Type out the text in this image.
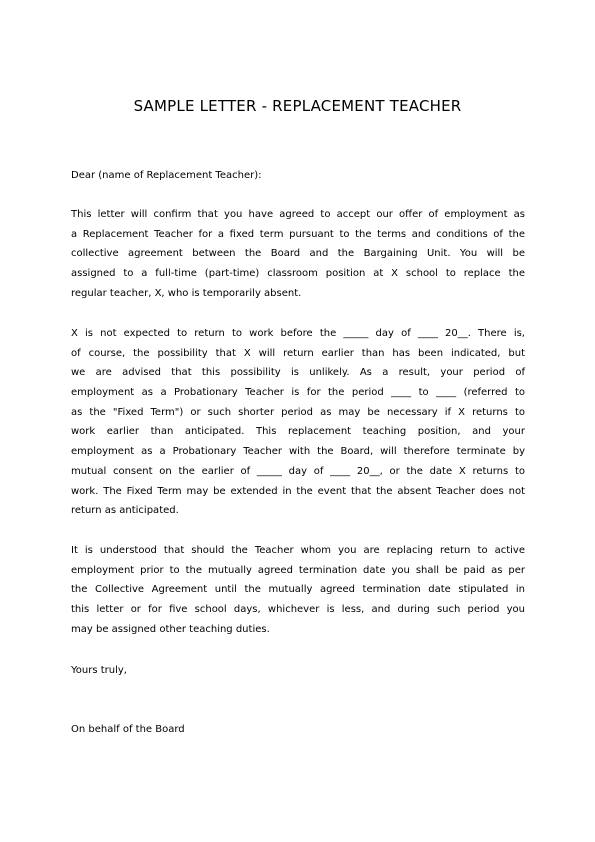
SAMPLE LETTER - REPLACEMENT TEACHER
Dear (name of Replacement Teacher):
This letter will confirm that you have agreed to accept our offer of employment as
a Replacement Teacher for a fixed term pursuant to the terms and conditions of the
collective agreement between the Board and the Bargaining Unit. You will be
assigned to a full-time (part-time) classroom position at X school to replace the
regular teacher, X, who is temporarily absent.
X is not expected to return to work before the _____ day of ____ 20__. There is,
of course, the possibility that X will return earlier than has been indicated, but
we are advised that this possibility is unlikely. As a result, your period of
employment as a Probationary Teacher is for the period ____ to ____ (referred to
as the "Fixed Term") or such shorter period as may be necessary if X returns to
work earlier than anticipated. This replacement teaching position, and your
employment as a Probationary Teacher with the Board, will therefore terminate by
mutual consent on the earlier of _____ day of ____ 20__, or the date X returns to
work. The Fixed Term may be extended in the event that the absent Teacher does not
return as anticipated.
It is understood that should the Teacher whom you are replacing return to active
employment prior to the mutually agreed termination date you shall be paid as per
the Collective Agreement until the mutually agreed termination date stipulated in
this letter or for five school days, whichever is less, and during such period you
may be assigned other teaching duties.
Yours truly,
On behalf of the Board
